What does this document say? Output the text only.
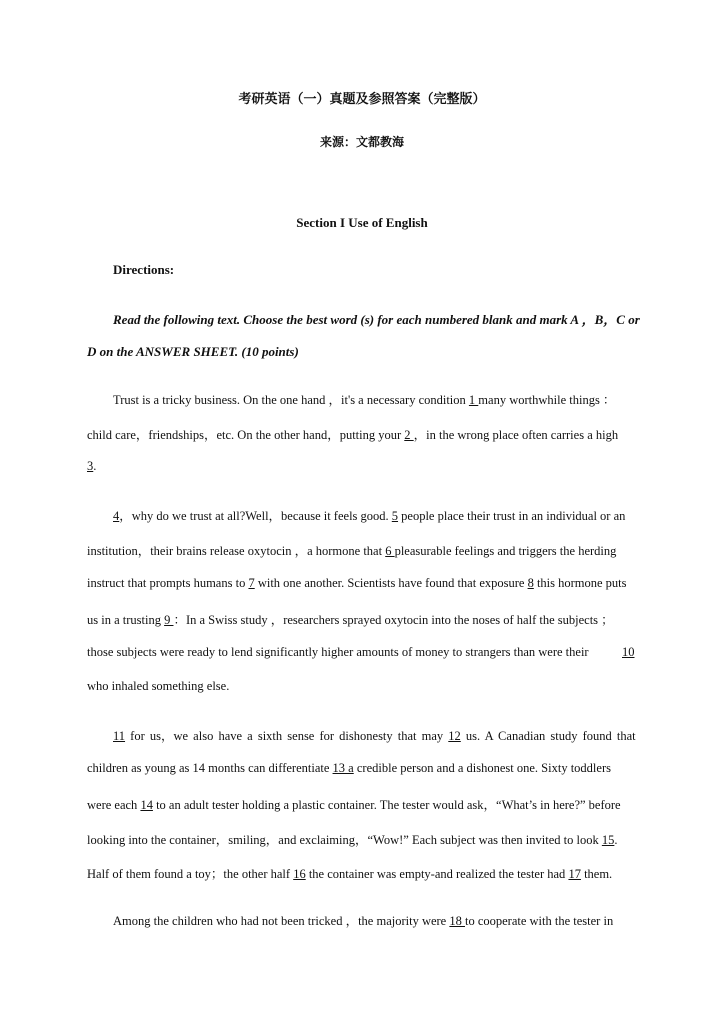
考研英语（一）真题及参照答案（完整版）
来源：文都教海
Section I Use of English
Directions:
Read the following text. Choose the best word (s) for each numbered blank and mark A ，B，C or
D on the ANSWER SHEET. (10 points)
Trust is a tricky business. On the one hand ，it's a necessary condition 1 many worthwhile things ：
child care，friendships，etc. On the other hand，putting your 2 ，in the wrong place often carries a high
3.
4，why do we trust at all?Well，because it feels good. 5 people place their trust in an individual or an
institution，their brains release oxytocin ，a hormone that 6 pleasurable feelings and triggers the herding
instruct that prompts humans to 7 with one another. Scientists have found that exposure 8 this hormone puts
us in a trusting 9 ：In a Swiss study ，researchers sprayed oxytocin into the noses of half the subjects ；
those subjects were ready to lend significantly higher amounts of money to strangers than were their	10
who inhaled something else.
11 for us，we also have a sixth sense for dishonesty that may 12 us. A Canadian study found that
children as young as 14 months can differentiate 13 a credible person and a dishonest one. Sixty toddlers
were each 14 to an adult tester holding a plastic container. The tester would ask，“What’s in here?” before
looking into the container，smiling，and exclaiming，“Wow!” Each subject was then invited to look 15.
Half of them found a toy；the other half 16 the container was empty-and realized the tester had 17 them.
Among the children who had not been tricked ，the majority were 18 to cooperate with the tester in
